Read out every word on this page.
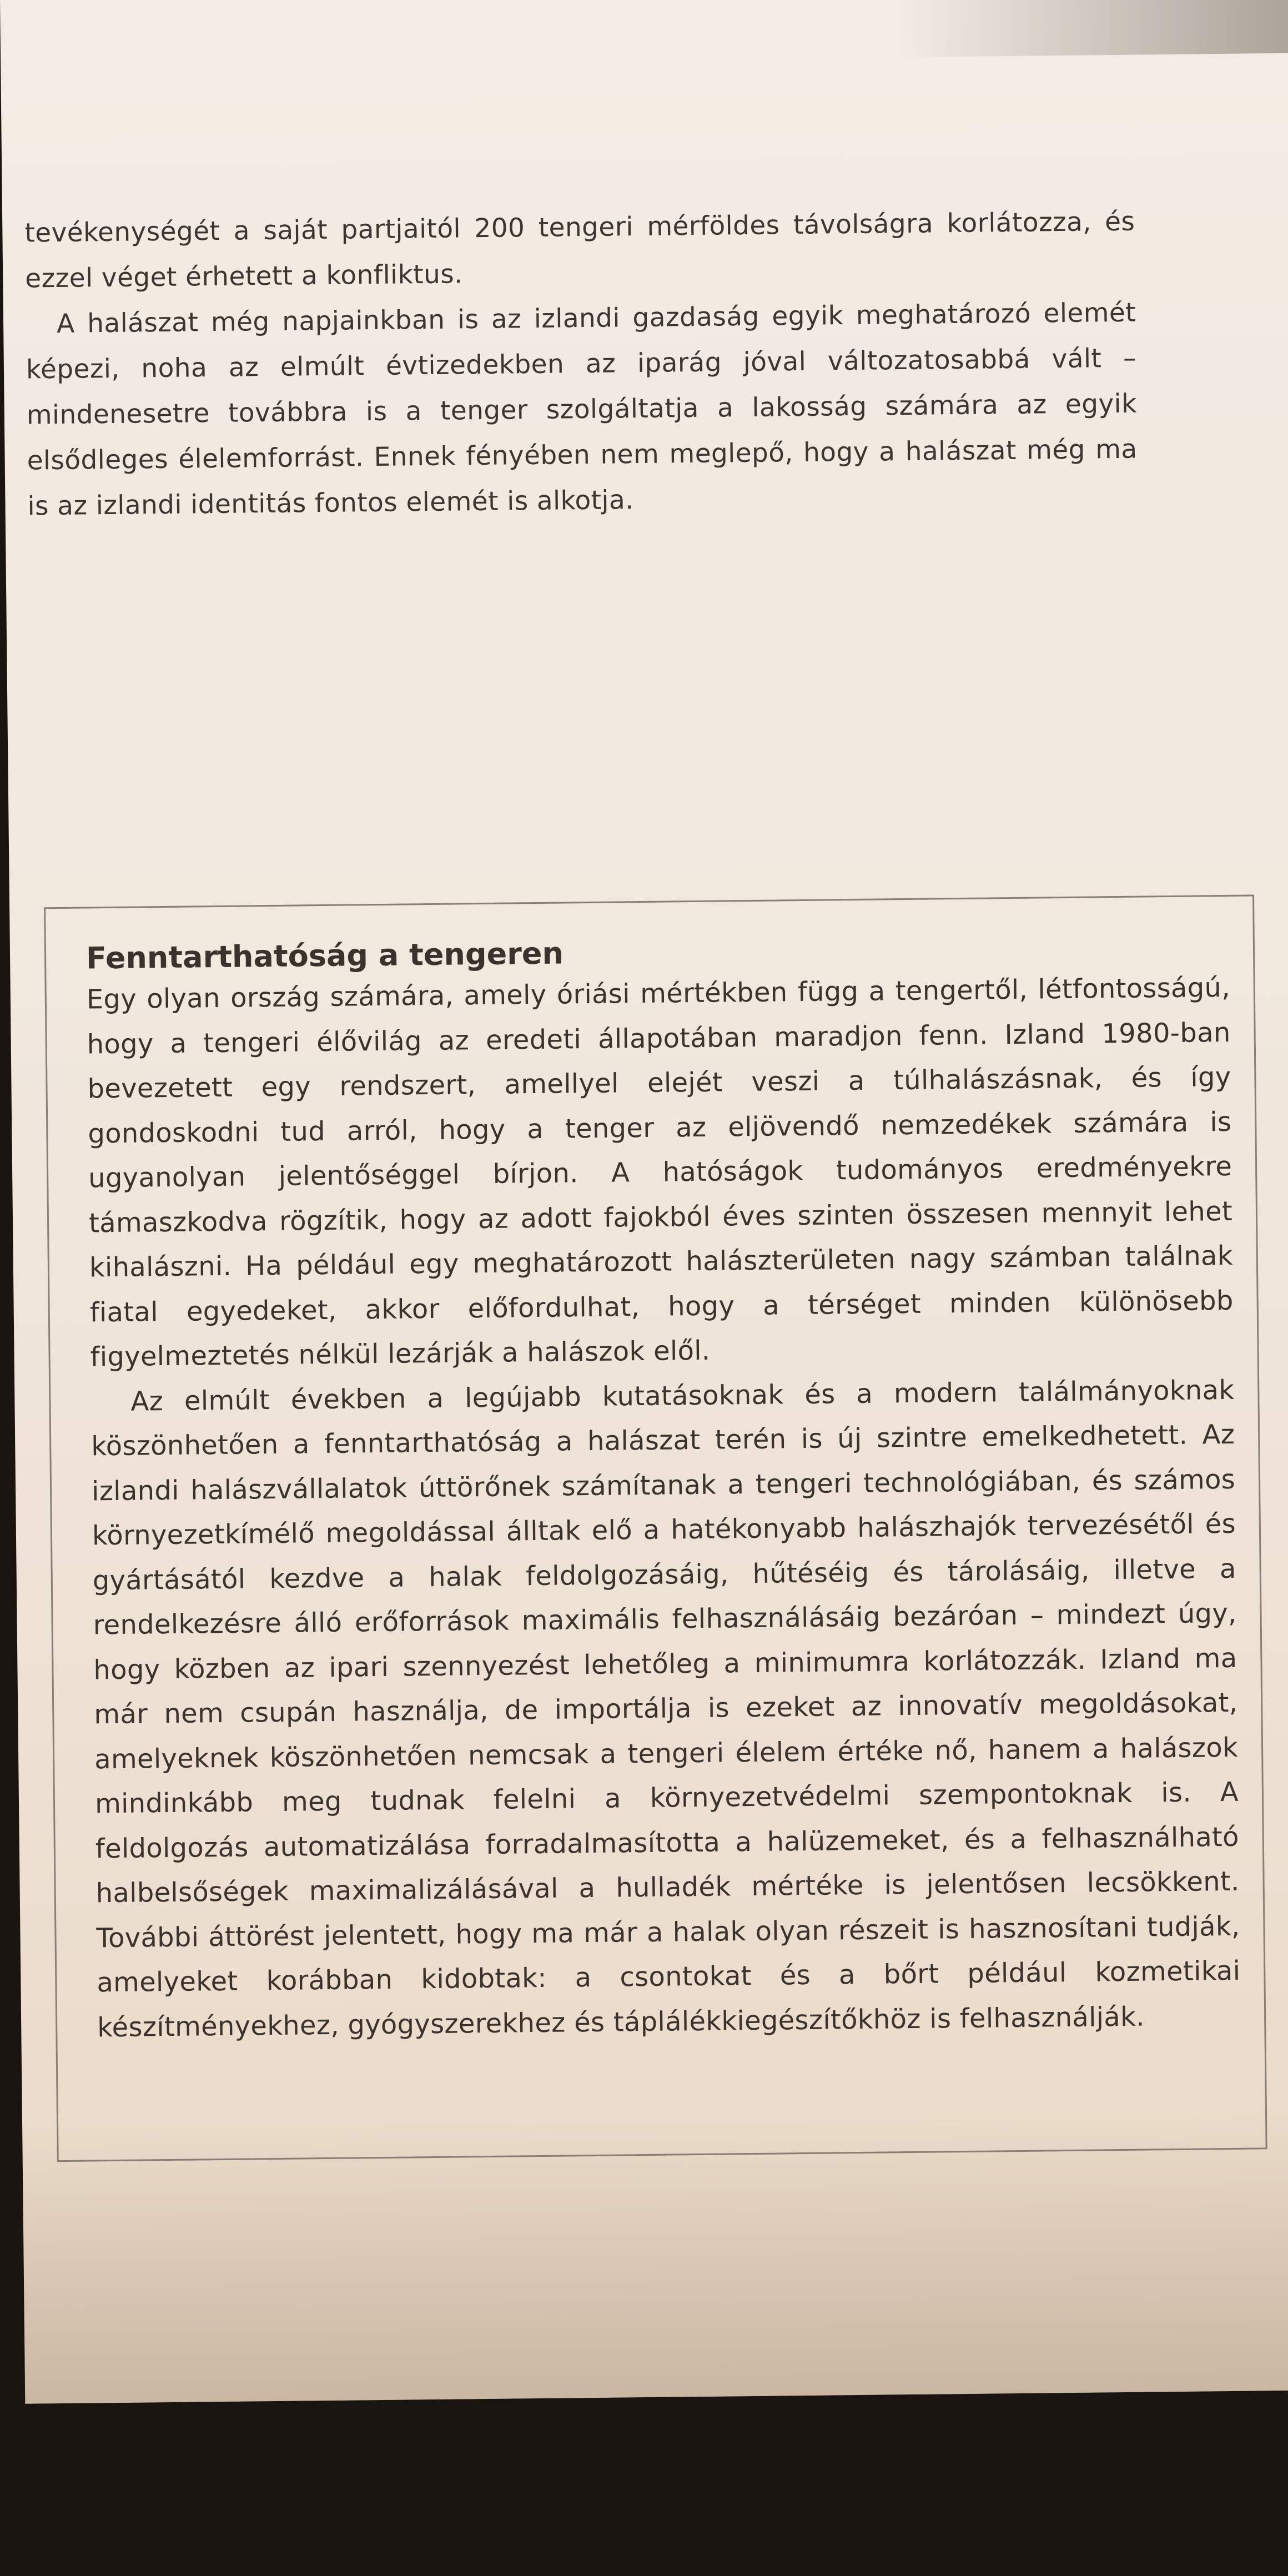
tevékenységét a saját partjaitól 200 tengeri mérföldes távolságra korlátozza, és ezzel véget érhetett a konfliktus.

A halászat még napjainkban is az izlandi gazdaság egyik meghatározó elemét képezi, noha az elmúlt évtizedekben az iparág jóval változatosabbá vált – mindenesetre továbbra is a tenger szolgáltatja a lakosság számára az egyik elsődleges élelemforrást. Ennek fényében nem meglepő, hogy a halászat még ma is az izlandi identitás fontos elemét is alkotja.

Fenntarthatóság a tengeren

Egy olyan ország számára, amely óriási mértékben függ a tengertől, létfontosságú, hogy a tengeri élővilág az eredeti állapotában maradjon fenn. Izland 1980-ban bevezetett egy rendszert, amellyel elejét veszi a túlhalászásnak, és így gondoskodni tud arról, hogy a tenger az eljövendő nemzedékek számára is ugyanolyan jelentőséggel bírjon. A hatóságok tudományos eredményekre támaszkodva rögzítik, hogy az adott fajokból éves szinten összesen mennyit lehet kihalászni. Ha például egy meghatározott halászterületen nagy számban találnak fiatal egyedeket, akkor előfordulhat, hogy a térséget minden különösebb figyelmeztetés nélkül lezárják a halászok elől.

Az elmúlt években a legújabb kutatásoknak és a modern találmányoknak köszönhetően a fenntarthatóság a halászat terén is új szintre emelkedhetett. Az izlandi halászvállalatok úttörőnek számítanak a tengeri technológiában, és számos környezetkímélő megoldással álltak elő a hatékonyabb halászhajók tervezésétől és gyártásától kezdve a halak feldolgozásáig, hűtéséig és tárolásáig, illetve a rendelkezésre álló erőforrások maximális felhasználásáig bezáróan – mindezt úgy, hogy közben az ipari szennyezést lehetőleg a minimumra korlátozzák. Izland ma már nem csupán használja, de importálja is ezeket az innovatív megoldásokat, amelyeknek köszönhetően nemcsak a tengeri élelem értéke nő, hanem a halászok mindinkább meg tudnak felelni a környezetvédelmi szempontoknak is. A feldolgozás automatizálása forradalmasította a halüzemeket, és a felhasználható halbelsőségek maximalizálásával a hulladék mértéke is jelentősen lecsökkent. További áttörést jelentett, hogy ma már a halak olyan részeit is hasznosítani tudják, amelyeket korábban kidobtak: a csontokat és a bőrt például kozmetikai készítményekhez, gyógyszerekhez és táplálékkiegészítőkhöz is felhasználják.
